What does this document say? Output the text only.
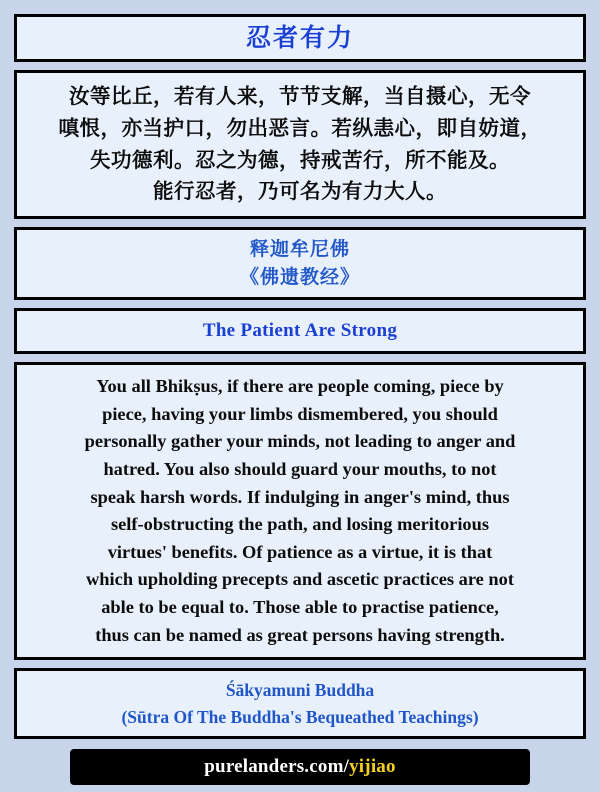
忍者有力
汝等比丘，若有人来，节节支解，当自摄心，无令
嗔恨，亦当护口，勿出恶言。若纵恚心，即自妨道，
失功德利。忍之为德，持戒苦行，所不能及。
能行忍者，乃可名为有力大人。
释迦牟尼佛
《佛遗教经》
The Patient Are Strong
You all Bhikṣus, if there are people coming, piece by
piece, having your limbs dismembered, you should
personally gather your minds, not leading to anger and
hatred. You also should guard your mouths, to not
speak harsh words. If indulging in anger's mind, thus
self-obstructing the path, and losing meritorious
virtues' benefits. Of patience as a virtue, it is that
which upholding precepts and ascetic practices are not
able to be equal to. Those able to practise patience,
thus can be named as great persons having strength.
Śākyamuni Buddha
(Sūtra Of The Buddha's Bequeathed Teachings)
purelanders.com/yijiao
